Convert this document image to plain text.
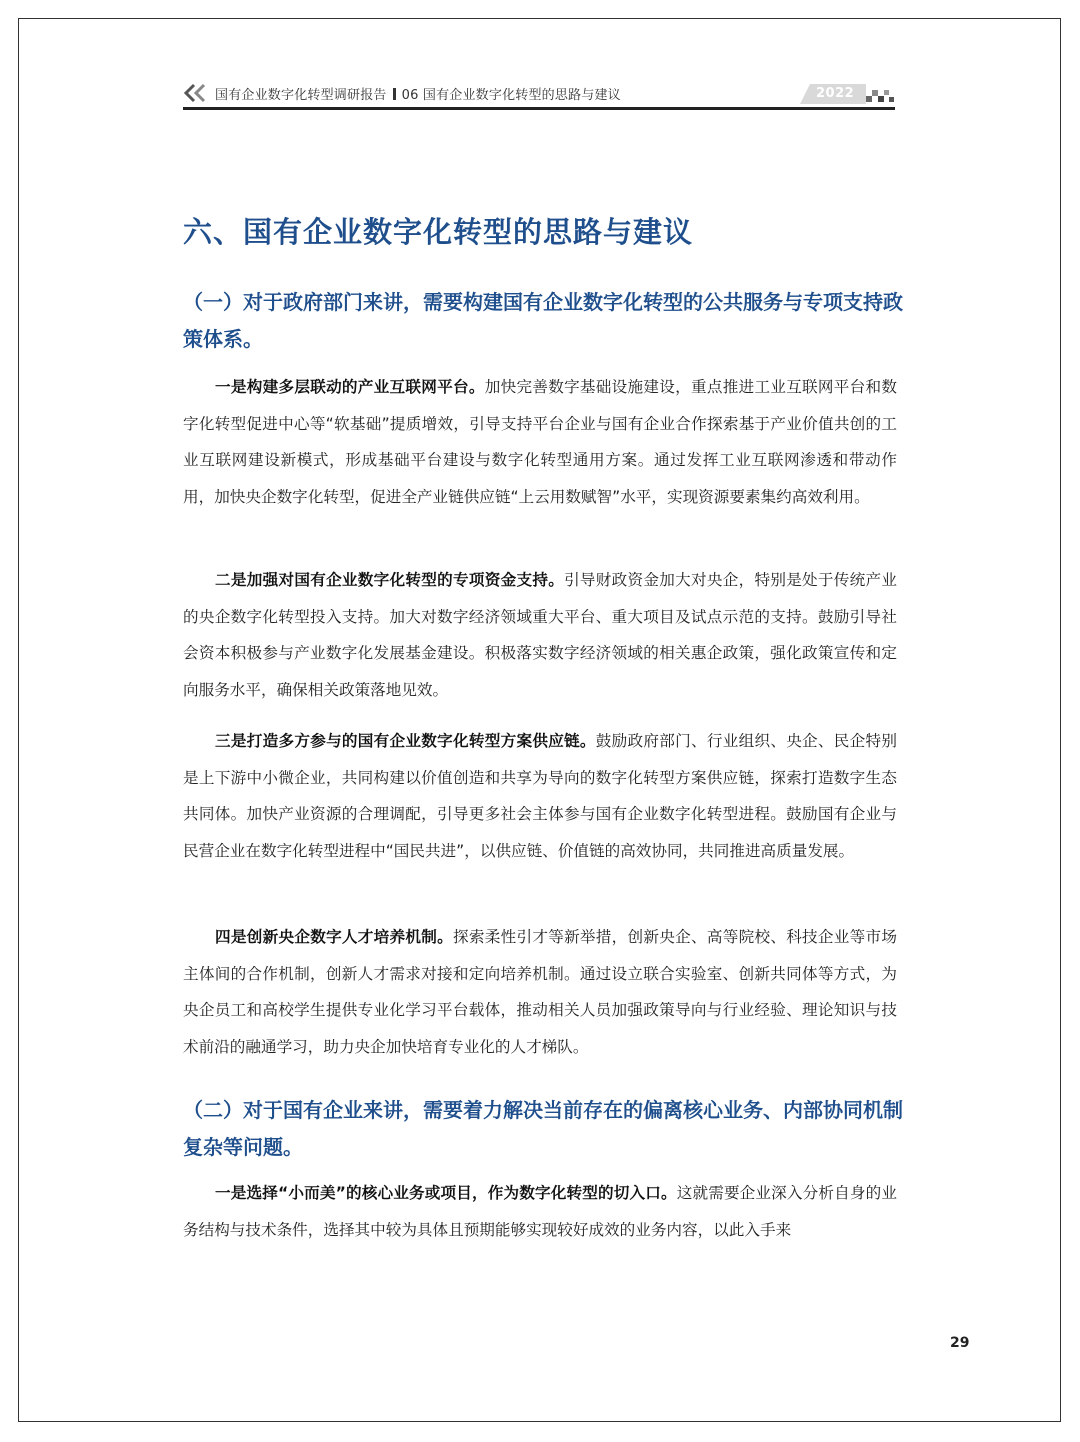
国有企业数字化转型调研报告 06 国有企业数字化转型的思路与建议	2022
六、国有企业数字化转型的思路与建议
（一）对于政府部门来讲，需要构建国有企业数字化转型的公共服务与专项支持政策体系。

一是构建多层联动的产业互联网平台。加快完善数字基础设施建设，重点推进工业互联网平台和数字化转型促进中心等“软基础”提质增效，引导支持平台企业与国有企业合作探索基于产业价值共创的工业互联网建设新模式，形成基础平台建设与数字化转型通用方案。通过发挥工业互联网渗透和带动作用，加快央企数字化转型，促进全产业链供应链“上云用数赋智”水平，实现资源要素集约高效利用。

二是加强对国有企业数字化转型的专项资金支持。引导财政资金加大对央企，特别是处于传统产业的央企数字化转型投入支持。加大对数字经济领域重大平台、重大项目及试点示范的支持。鼓励引导社会资本积极参与产业数字化发展基金建设。积极落实数字经济领域的相关惠企政策，强化政策宣传和定向服务水平，确保相关政策落地见效。

三是打造多方参与的国有企业数字化转型方案供应链。鼓励政府部门、行业组织、央企、民企特别是上下游中小微企业，共同构建以价值创造和共享为导向的数字化转型方案供应链，探索打造数字生态共同体。加快产业资源的合理调配，引导更多社会主体参与国有企业数字化转型进程。鼓励国有企业与民营企业在数字化转型进程中“国民共进”，以供应链、价值链的高效协同，共同推进高质量发展。

四是创新央企数字人才培养机制。探索柔性引才等新举措，创新央企、高等院校、科技企业等市场主体间的合作机制，创新人才需求对接和定向培养机制。通过设立联合实验室、创新共同体等方式，为央企员工和高校学生提供专业化学习平台载体，推动相关人员加强政策导向与行业经验、理论知识与技术前沿的融通学习，助力央企加快培育专业化的人才梯队。

（二）对于国有企业来讲，需要着力解决当前存在的偏离核心业务、内部协同机制复杂等问题。

一是选择“小而美”的核心业务或项目，作为数字化转型的切入口。这就需要企业深入分析自身的业务结构与技术条件，选择其中较为具体且预期能够实现较好成效的业务内容，以此入手来

29
